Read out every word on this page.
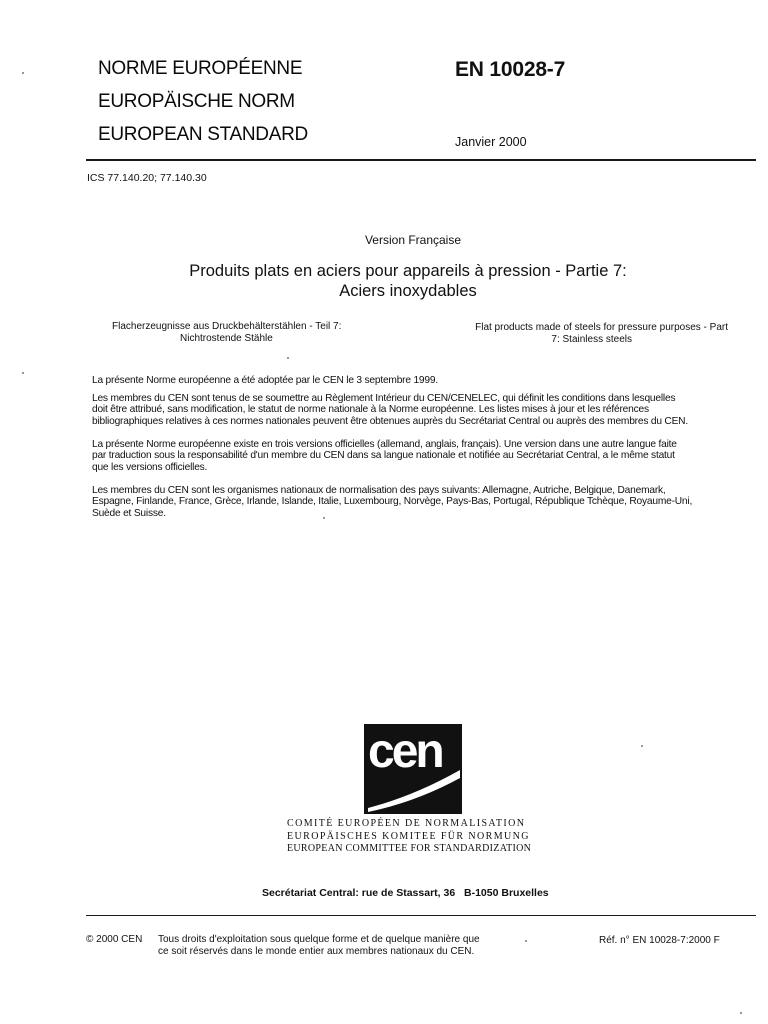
NORME EUROPÉENNE
EUROPÄISCHE NORM
EUROPEAN STANDARD
EN 10028-7
Janvier 2000
ICS 77.140.20; 77.140.30
Version Française
Produits plats en aciers pour appareils à pression - Partie 7:
Aciers inoxydables
Flacherzeugnisse aus Druckbehälterstählen - Teil 7:
Nichtrostende Stähle
Flat products made of steels for pressure purposes - Part
7: Stainless steels
La présente Norme européenne a été adoptée par le CEN le 3 septembre 1999.
Les membres du CEN sont tenus de se soumettre au Règlement Intérieur du CEN/CENELEC, qui définit les conditions dans lesquelles
doit être attribué, sans modification, le statut de norme nationale à la Norme européenne. Les listes mises à jour et les références
bibliographiques relatives à ces normes nationales peuvent être obtenues auprès du Secrétariat Central ou auprès des membres du CEN.
La présente Norme européenne existe en trois versions officielles (allemand, anglais, français). Une version dans une autre langue faite
par traduction sous la responsabilité d'un membre du CEN dans sa langue nationale et notifiée au Secrétariat Central, a le même statut
que les versions officielles.
Les membres du CEN sont les organismes nationaux de normalisation des pays suivants: Allemagne, Autriche, Belgique, Danemark,
Espagne, Finlande, France, Grèce, Irlande, Islande, Italie, Luxembourg, Norvège, Pays-Bas, Portugal, République Tchèque, Royaume-Uni,
Suède et Suisse.
cen
COMITÉ EUROPÉEN DE NORMALISATION
EUROPÄISCHES KOMITEE FÜR NORMUNG
EUROPEAN COMMITTEE FOR STANDARDIZATION
Secrétariat Central: rue de Stassart, 36 B-1050 Bruxelles
© 2000 CEN Tous droits d'exploitation sous quelque forme et de quelque manière que
ce soit réservés dans le monde entier aux membres nationaux du CEN.
Réf. n° EN 10028-7:2000 F
